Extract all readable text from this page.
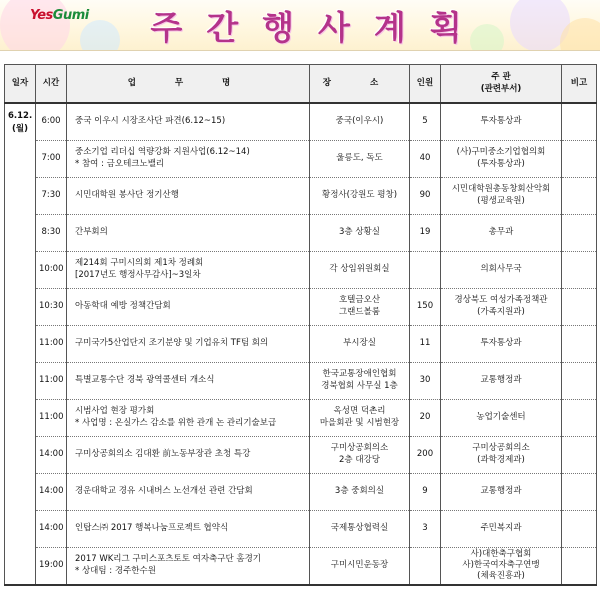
YesGumi	주간행사계획
일자	시간	업 무 명	장 소	인원	주 관
(관련부서)	비고

6.12.
(월)	6:00	중국 이우시 시장조사단 파견(6.12~15)	중국(이우시)	5	투자통상과	

	7:00	중소기업 리더십 역량강화 지원사업(6.12~14)
* 참여 : 금오테크노밸리	울릉도, 독도	40	(사)구미중소기업협의회
(투자통상과)	

	7:30	시민대학원 봉사단 정기산행	황정사(강원도 평창)	90	시민대학원총동창회산악회
(평생교육원)	

	8:30	간부회의	3층 상황실	19	총무과	

	10:00	제214회 구미시의회 제1차 정례회
[2017년도 행정사무감사]~3일차	각 상임위원회실		의회사무국	

	10:30	아동학대 예방 정책간담회	호텔금오산
그랜드볼룸	150	경상북도 여성가족정책관
(가족지원과)	

	11:00	구미국가5산업단지 조기분양 및 기업유치 TF팀 회의	부시장실	11	투자통상과	

	11:00	특별교통수단 경북 광역콜센터 개소식	한국교통장애인협회
경북협회 사무실 1층	30	교통행정과	

	11:00	시범사업 현장 평가회
* 사업명 : 온실가스 감소를 위한 관개 논 관리기술보급	옥성면 덕촌리
마을회관 및 시범현장	20	농업기술센터	

	14:00	구미상공회의소 김대환 前노동부장관 초청 특강	구미상공회의소
2층 대강당	200	구미상공회의소
(과학경제과)	

	14:00	경운대학교 경유 시내버스 노선개선 관련 간담회	3층 중회의실	9	교통행정과	

	14:00	인탑스㈜ 2017 행복나눔프로젝트 협약식	국제통상협력실	3	주민복지과	

	19:00	2017 WK리그 구미스포츠토토 여자축구단 홈경기
* 상대팀 : 경주한수원	구미시민운동장		사)대한축구협회
사)한국여자축구연맹
(체육진흥과)	
